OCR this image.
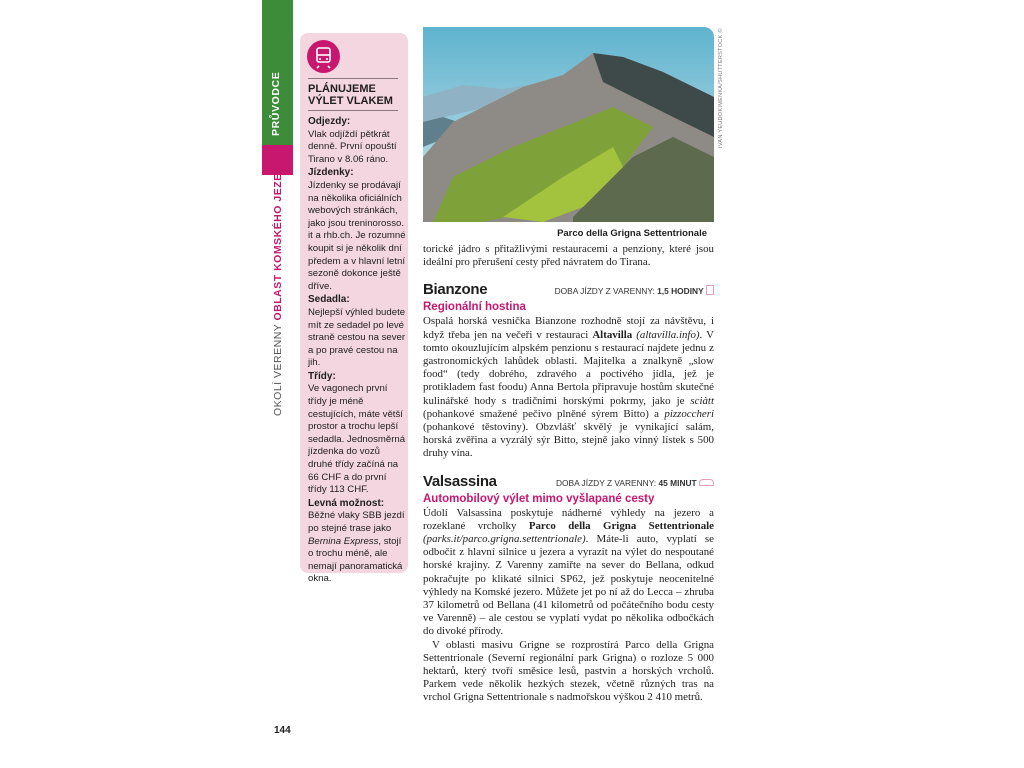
PRŮVODCE
OKOLÍ VERENNY OBLAST KOMSKÉHO JEZERA
PLÁNUJEME
VÝLET VLAKEM
Odjezdy:

Vlak odjíždí pětkrát denně. První opouští Tirano v 8.06 ráno.

Jízdenky:

Jízdenky se prodávají na několika oficiálních webových stránkách, jako jsou treninorosso. it a rhb.ch. Je rozumné koupit si je několik dní předem a v hlavní letní sezoně dokonce ještě dříve.

Sedadla:

Nejlepší výhled budete mít ze sedadel po levé straně cestou na sever a po pravé cestou na jih.

Třídy:

Ve vagonech první třídy je méně cestujících, máte větší prostor a trochu lepší sedadla. Jednosměrná jízdenka do vozů druhé třídy začíná na 66 CHF a do první třídy 113 CHF.

Levná možnost:

Běžné vlaky SBB jezdí po stejné trase jako Bernina Express, stojí o trochu méně, ale nemají panoramatická okna.

IVAN YEUDOKIMENKA/SHUTTERSTOCK ©
Parco della Grigna Settentrionale

torické jádro s přitažlivými restauracemi a penziony, které jsou ideální pro přerušení cesty před návratem do Tirana.

Bianzone	DOBA JÍZDY Z VARENNY: 1,5 HODINY
Regionální hostina

Ospalá horská vesnička Bianzone rozhodně stojí za návštěvu, i když třeba jen na večeři v restauraci Altavilla (altavilla.info). V tomto okouzlujícím alpském penzionu s restaurací najdete jednu z gastronomických lahůdek oblasti. Majitelka a znalkyně „slow food“ (tedy dobrého, zdravého a poctivého jídla, jež je protikladem fast foodu) Anna Bertola připravuje hostům skutečné kulinářské hody s tradičními horskými pokrmy, jako je sciàtt (pohankové smažené pečivo plněné sýrem Bitto) a pizzoccheri (pohankové těstoviny). Obzvlášť skvělý je vynikající salám, horská zvěřina a vyzrálý sýr Bitto, stejně jako vinný lístek s 500 druhy vína.

Valsassina	DOBA JÍZDY Z VARENNY: 45 MINUT
Automobilový výlet mimo vyšlapané cesty

Údolí Valsassina poskytuje nádherné výhledy na jezero a rozeklané vrcholky Parco della Grigna Settentrionale (parks.it/parco.grigna.settentrionale). Máte-li auto, vyplatí se odbočit z hlavní silnice u jezera a vyrazit na výlet do nespoutané horské krajiny. Z Varenny zamiřte na sever do Bellana, odkud pokračujte po klikaté silnici SP62, jež poskytuje neocenitelné výhledy na Komské jezero. Můžete jet po ní až do Lecca – zhruba 37 kilometrů od Bellana (41 kilometrů od počátečního bodu cesty ve Varenně) – ale cestou se vyplatí vydat po několika odbočkách do divoké přírody.

V oblasti masivu Grigne se rozprostírá Parco della Grigna Settentrionale (Severní regionální park Grigna) o rozloze 5 000 hektarů, který tvoří směsice lesů, pastvin a horských vrcholů. Parkem vede několik hezkých stezek, včetně různých tras na vrchol Grigna Settentrionale s nadmořskou výškou 2 410 metrů.

144
